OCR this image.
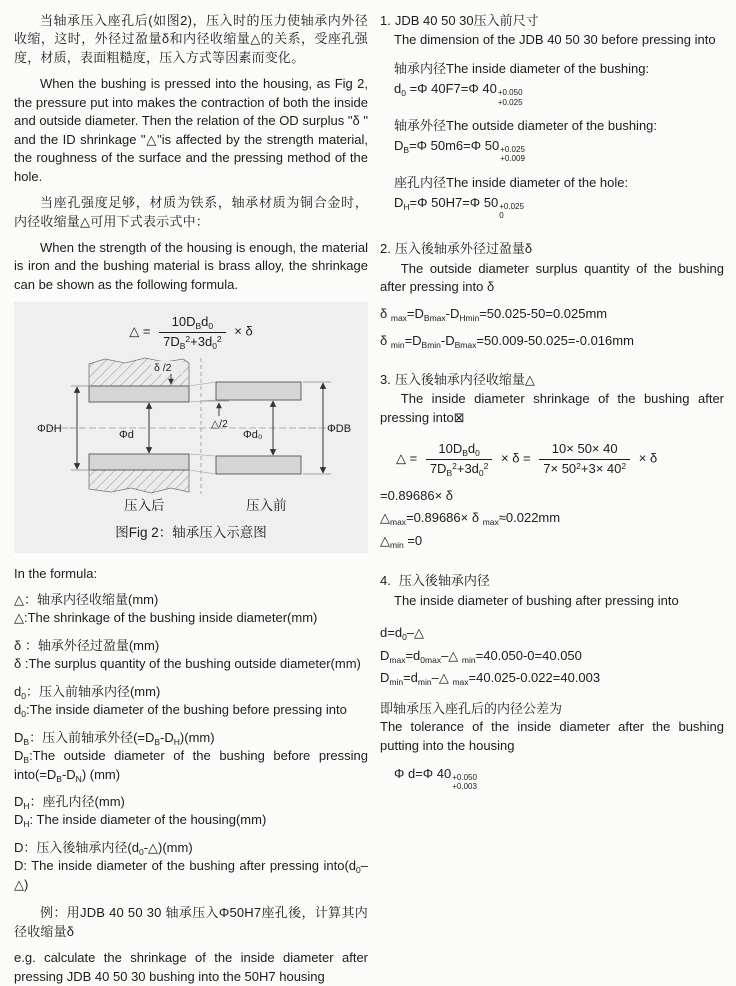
当轴承压入座孔后(如图2)，压入时的压力使轴承内外径收缩，这时，外径过盈量δ和内径收缩量△的关系，受座孔强度，材质，表面粗糙度，压入方式等因素而变化。

When the bushing is pressed into the housing, as Fig 2, the pressure put into makes the contraction of both the inside and outside diameter. Then the relation of the OD surplus "δ " and the ID shrinkage "△"is affected by the strength material, the roughness of the surface and the pressing method of the hole.

当座孔强度足够，材质为铁系，轴承材质为铜合金时，内径收缩量△可用下式表示式中：

When the strength of the housing is enough, the material is iron and the bushing material is brass alloy, the shrinkage can be shown as the following formula.

△ = $\frac{10D_Bd_0}{7D_B^2+3d_0^2} \times \delta$
ΦDH	Φd	Φd₀	ΦDB
δ /2
△/2
压入后	压入前
图Fig 2：轴承压入示意图

In the formula:

△：轴承内径收缩量(mm)
△:The shrinkage of the bushing inside diameter(mm)
δ ：轴承外径过盈量(mm)
δ :The surplus quantity of the bushing outside diameter(mm)
$d_0$：压入前轴承内径(mm)
$d_0:The$ inside diameter of the bushing before pressing into
$D_B$：压入前轴承外径$(=D_B-D_H)(mm)$
$D_B:The$ outside diameter of the bushing before pressing $into(=D_B-D_N)$ (mm)
$D_H$：座孔内径(mm)
$D_H$: The inside diameter of the housing(mm)
D：压入後轴承内径$(d_0-\triangle)(mm)$
D: The inside diameter of the bushing after pressing $into(d_0-\triangle)$

例：用JDB 40 50 30 轴承压入Φ50H7座孔後，计算其内径收缩量δ

e.g. calculate the shrinkage of the inside diameter after pressing JDB 40 50 30 bushing into the 50H7 housing

1. JDB 40 50 30压入前尺寸

The dimension of the JDB 40 50 30 before pressing into

轴承内径The inside diameter of the bushing:
$d_0 =\Phi$ 40F7=Φ 40 +0.050
+0.025
轴承外径The outside diameter of the bushing:
$D_B=\Phi$ 50m6=Φ 50 +0.025
+0.009
座孔内径The inside diameter of the hole:
$D_H=\Phi$ 50H7=Φ 50 +0.025
0
2. 压入後轴承外径过盈量δ

The outside diameter surplus quantity of the bushing after pressing into δ

δ $_{max}=D_{Bmax}-D_{Hmin}=50.025-50=0.025mm$
δ $_{min}=D_{Bmin}-D_{Bmax}=50.009-50.025=-0.016mm$
3. 压入後轴承内径收缩量△

The inside diameter shrinkage of the bushing after pressing into⊠

△ = $\frac{10D_Bd_0}{7D_B^2+3d_0^2} \times \delta = \frac{10\times 50\times 40}{7\times 50^2+3\times 40^2} \times \delta$
=0.89686× δ
$\triangle_{max}=0.89686\times \delta$ $_{max}$≈0.022mm
$\triangle_{min} =0$
4. 压入後轴承内径

The inside diameter of bushing after pressing into

$d=d_0-\triangle$
$D_{max}=d_{0max}-\triangle$ $_{min}$=40.050-0=40.050
$D_{min}=d_{min}-\triangle$ $_{max}$=40.025-0.022=40.003

即轴承压入座孔后的内径公差为

The tolerance of the inside diameter after the bushing putting into the housing

Φ d=Φ 40 +0.050
+0.003
